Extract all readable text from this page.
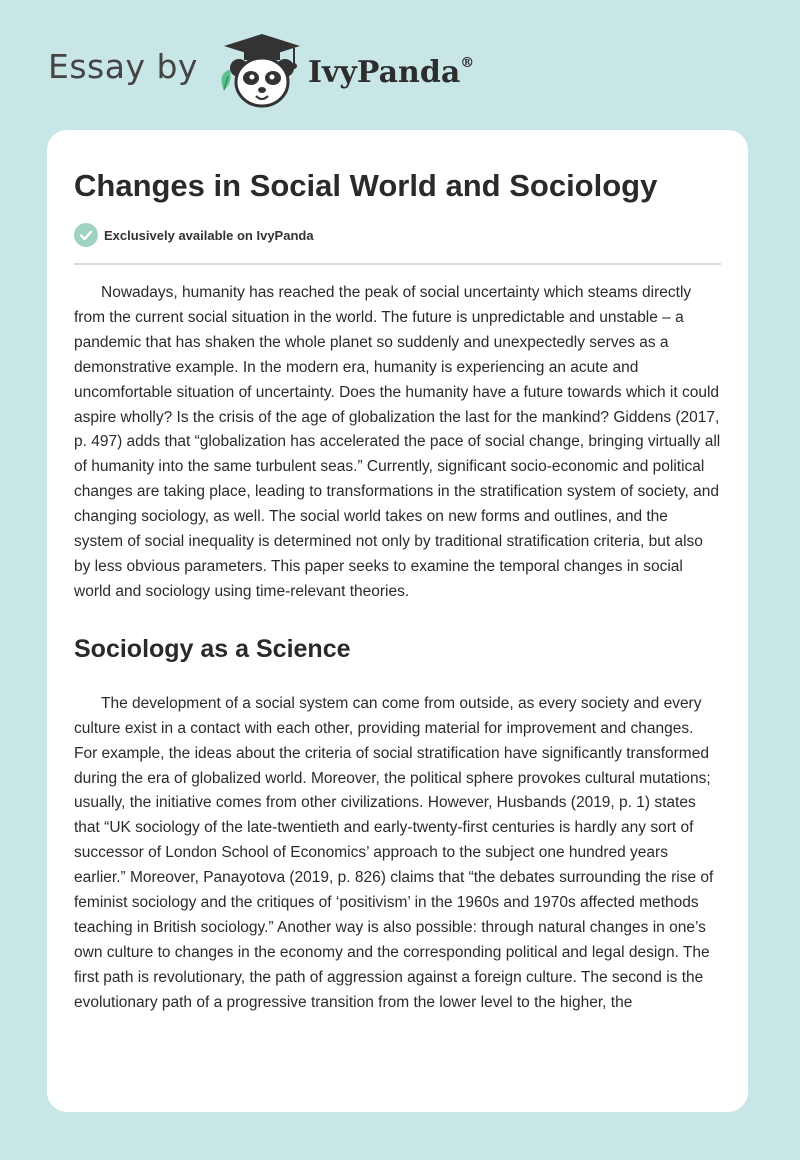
Essay by	IvyPanda®
Changes in Social World and Sociology
Exclusively available on IvyPanda

Nowadays, humanity has reached the peak of social uncertainty which steams directly from the current social situation in the world. The future is unpredictable and unstable – a pandemic that has shaken the whole planet so suddenly and unexpectedly serves as a demonstrative example. In the modern era, humanity is experiencing an acute and uncomfortable situation of uncertainty. Does the humanity have a future towards which it could aspire wholly? Is the crisis of the age of globalization the last for the mankind? Giddens (2017, p. 497) adds that “globalization has accelerated the pace of social change, bringing virtually all of humanity into the same turbulent seas.” Currently, significant socio-economic and political changes are taking place, leading to transformations in the stratification system of society, and changing sociology, as well. The social world takes on new forms and outlines, and the system of social inequality is determined not only by traditional stratification criteria, but also by less obvious parameters. This paper seeks to examine the temporal changes in social world and sociology using time-relevant theories.

Sociology as a Science

The development of a social system can come from outside, as every society and every culture exist in a contact with each other, providing material for improvement and changes. For example, the ideas about the criteria of social stratification have significantly transformed during the era of globalized world. Moreover, the political sphere provokes cultural mutations; usually, the initiative comes from other civilizations. However, Husbands (2019, p. 1) states that “UK sociology of the late-twentieth and early-twenty-first centuries is hardly any sort of successor of London School of Economics’ approach to the subject one hundred years earlier.” Moreover, Panayotova (2019, p. 826) claims that “the debates surrounding the rise of feminist sociology and the critiques of ‘positivism’ in the 1960s and 1970s affected methods teaching in British sociology.” Another way is also possible: through natural changes in one’s own culture to changes in the economy and the corresponding political and legal design. The first path is revolutionary, the path of aggression against a foreign culture. The second is the evolutionary path of a progressive transition from the lower level to the higher, the
